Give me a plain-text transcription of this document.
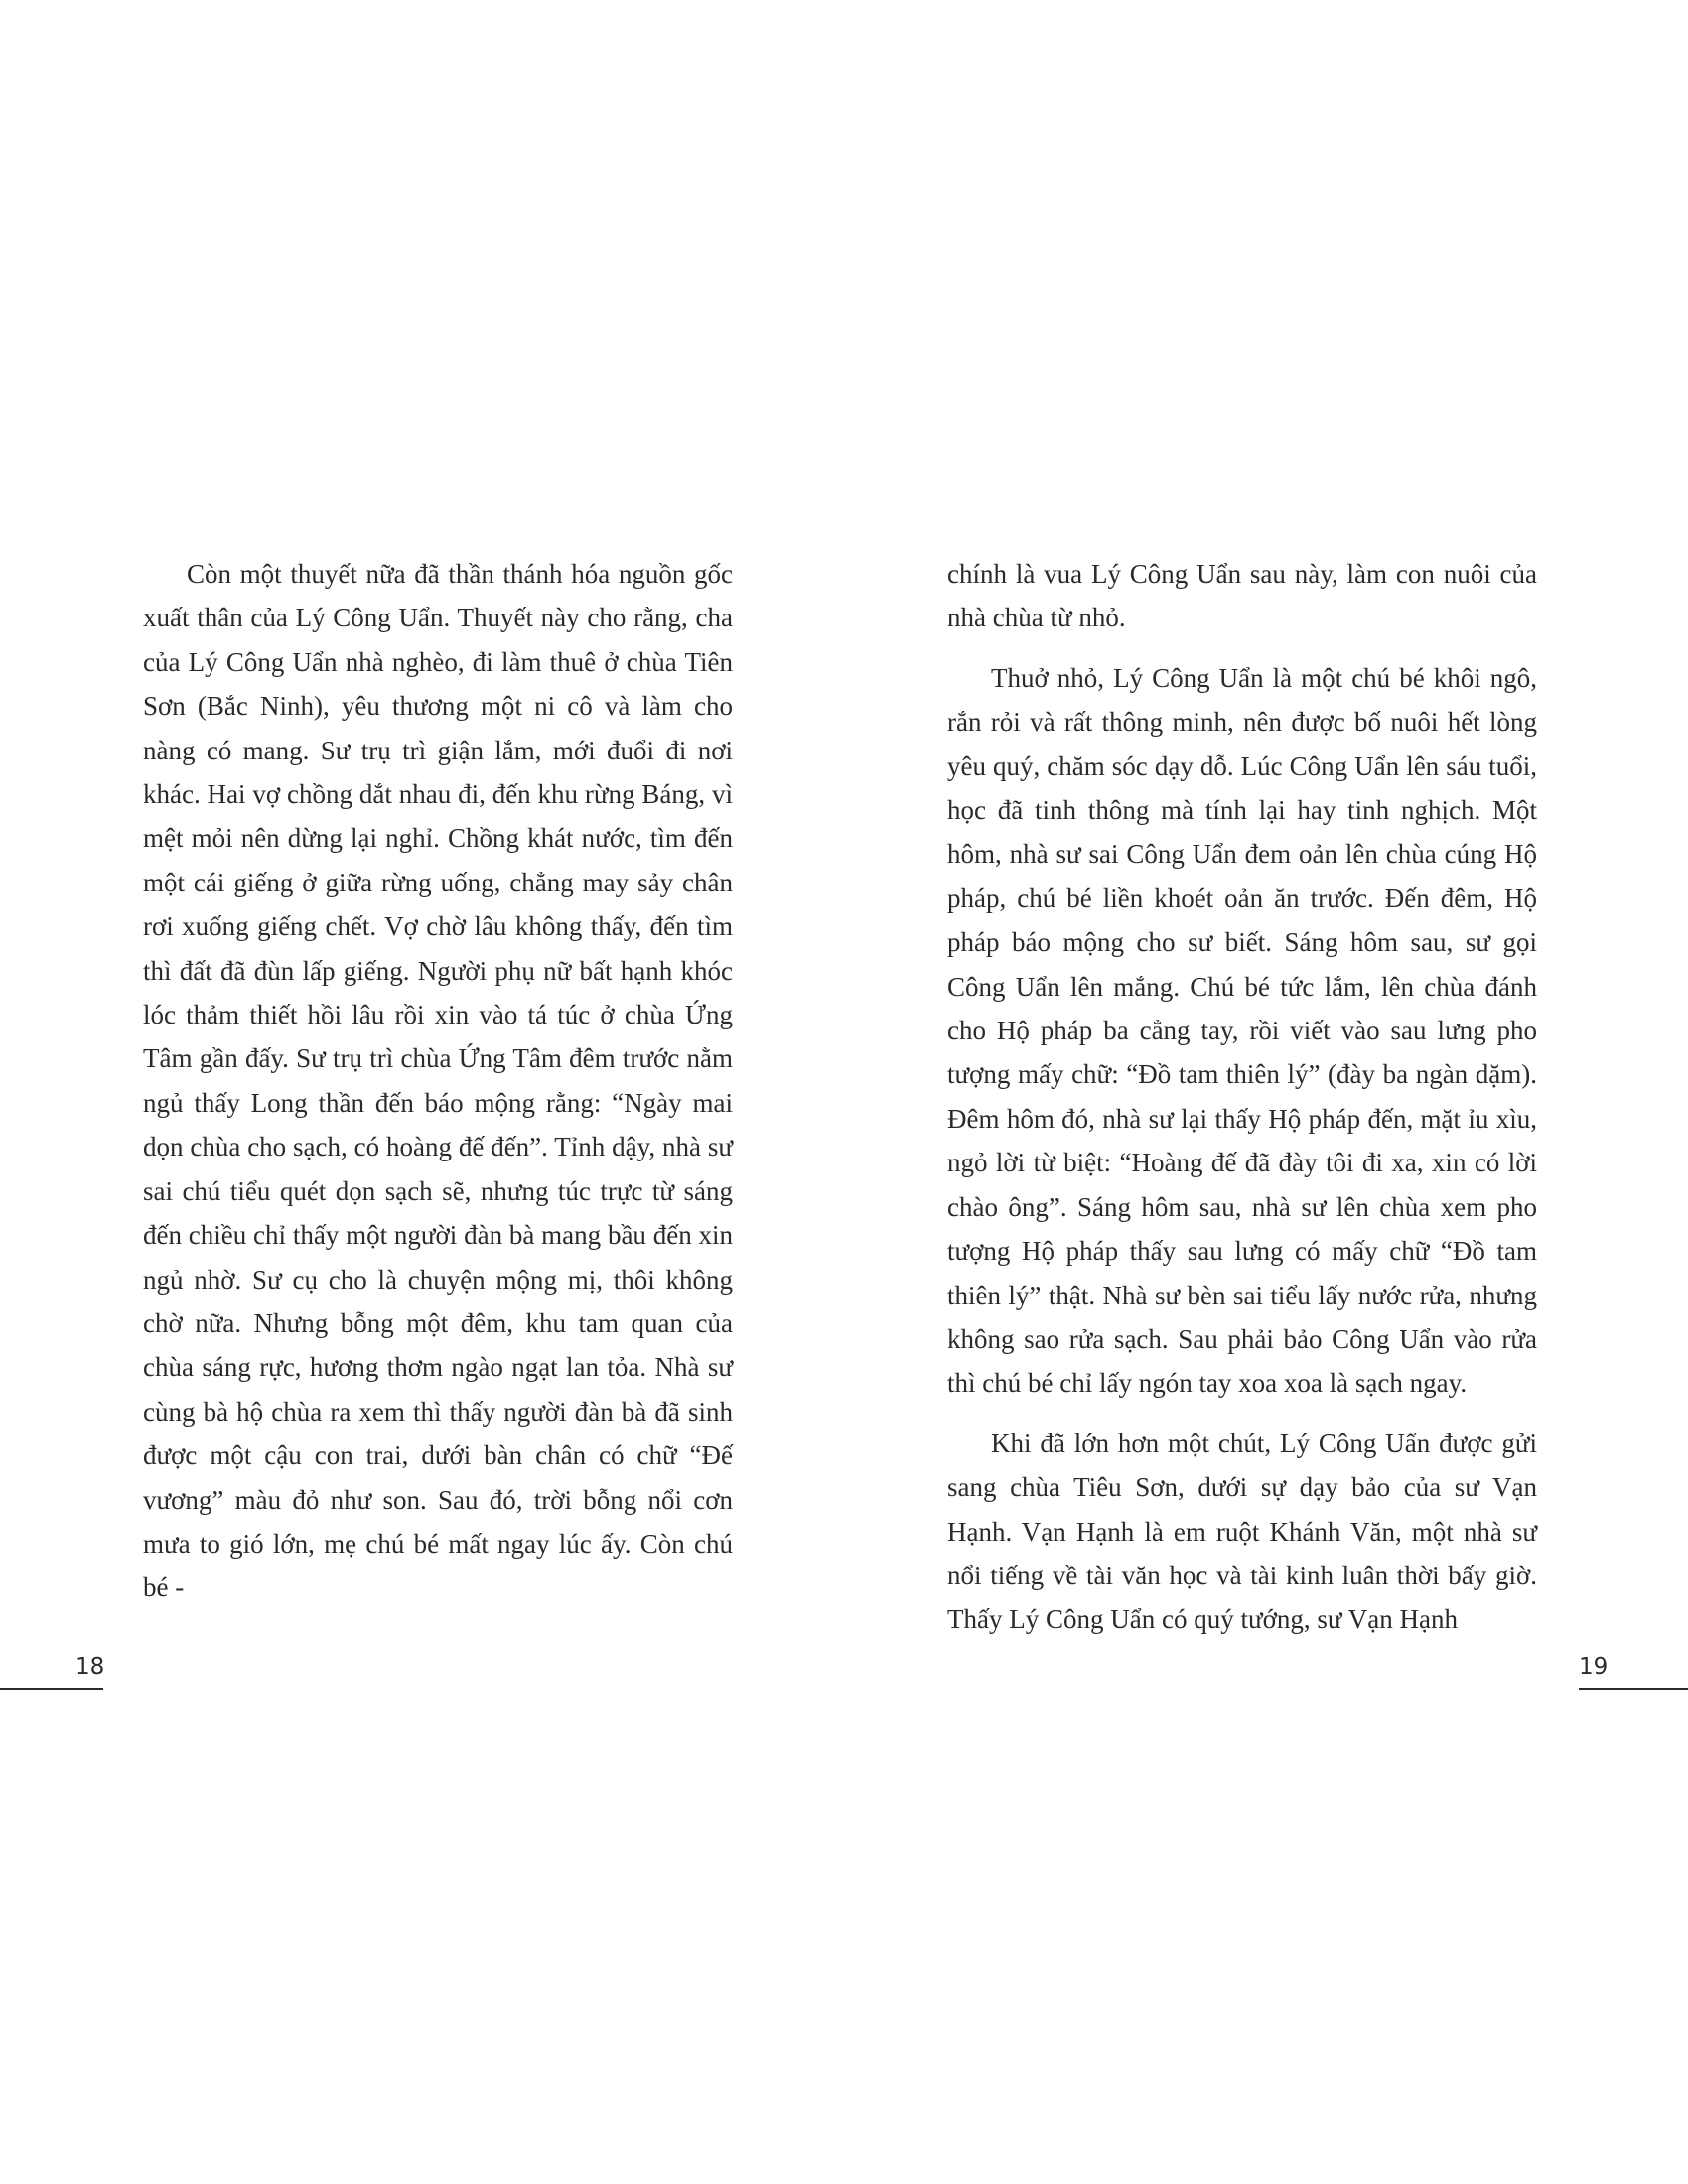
Còn một thuyết nữa đã thần thánh hóa nguồn gốc xuất thân của Lý Công Uẩn. Thuyết này cho rằng, cha của Lý Công Uẩn nhà nghèo, đi làm thuê ở chùa Tiên Sơn (Bắc Ninh), yêu thương một ni cô và làm cho nàng có mang. Sư trụ trì giận lắm, mới đuổi đi nơi khác. Hai vợ chồng dắt nhau đi, đến khu rừng Báng, vì mệt mỏi nên dừng lại nghỉ. Chồng khát nước, tìm đến một cái giếng ở giữa rừng uống, chẳng may sảy chân rơi xuống giếng chết. Vợ chờ lâu không thấy, đến tìm thì đất đã đùn lấp giếng. Người phụ nữ bất hạnh khóc lóc thảm thiết hồi lâu rồi xin vào tá túc ở chùa Ứng Tâm gần đấy. Sư trụ trì chùa Ứng Tâm đêm trước nằm ngủ thấy Long thần đến báo mộng rằng: “Ngày mai dọn chùa cho sạch, có hoàng đế đến”. Tỉnh dậy, nhà sư sai chú tiểu quét dọn sạch sẽ, nhưng túc trực từ sáng đến chiều chỉ thấy một người đàn bà mang bầu đến xin ngủ nhờ. Sư cụ cho là chuyện mộng mị, thôi không chờ nữa. Nhưng bỗng một đêm, khu tam quan của chùa sáng rực, hương thơm ngào ngạt lan tỏa. Nhà sư cùng bà hộ chùa ra xem thì thấy người đàn bà đã sinh được một cậu con trai, dưới bàn chân có chữ “Đế vương” màu đỏ như son. Sau đó, trời bỗng nổi cơn mưa to gió lớn, mẹ chú bé mất ngay lúc ấy. Còn chú bé -

18

chính là vua Lý Công Uẩn sau này, làm con nuôi của nhà chùa từ nhỏ.

Thuở nhỏ, Lý Công Uẩn là một chú bé khôi ngô, rắn rỏi và rất thông minh, nên được bố nuôi hết lòng yêu quý, chăm sóc dạy dỗ. Lúc Công Uẩn lên sáu tuổi, học đã tinh thông mà tính lại hay tinh nghịch. Một hôm, nhà sư sai Công Uẩn đem oản lên chùa cúng Hộ pháp, chú bé liền khoét oản ăn trước. Đến đêm, Hộ pháp báo mộng cho sư biết. Sáng hôm sau, sư gọi Công Uẩn lên mắng. Chú bé tức lắm, lên chùa đánh cho Hộ pháp ba cẳng tay, rồi viết vào sau lưng pho tượng mấy chữ: “Đồ tam thiên lý” (đày ba ngàn dặm). Đêm hôm đó, nhà sư lại thấy Hộ pháp đến, mặt ỉu xìu, ngỏ lời từ biệt: “Hoàng đế đã đày tôi đi xa, xin có lời chào ông”. Sáng hôm sau, nhà sư lên chùa xem pho tượng Hộ pháp thấy sau lưng có mấy chữ “Đồ tam thiên lý” thật. Nhà sư bèn sai tiểu lấy nước rửa, nhưng không sao rửa sạch. Sau phải bảo Công Uẩn vào rửa thì chú bé chỉ lấy ngón tay xoa xoa là sạch ngay.

Khi đã lớn hơn một chút, Lý Công Uẩn được gửi sang chùa Tiêu Sơn, dưới sự dạy bảo của sư Vạn Hạnh. Vạn Hạnh là em ruột Khánh Văn, một nhà sư nổi tiếng về tài văn học và tài kinh luân thời bấy giờ. Thấy Lý Công Uẩn có quý tướng, sư Vạn Hạnh

19
